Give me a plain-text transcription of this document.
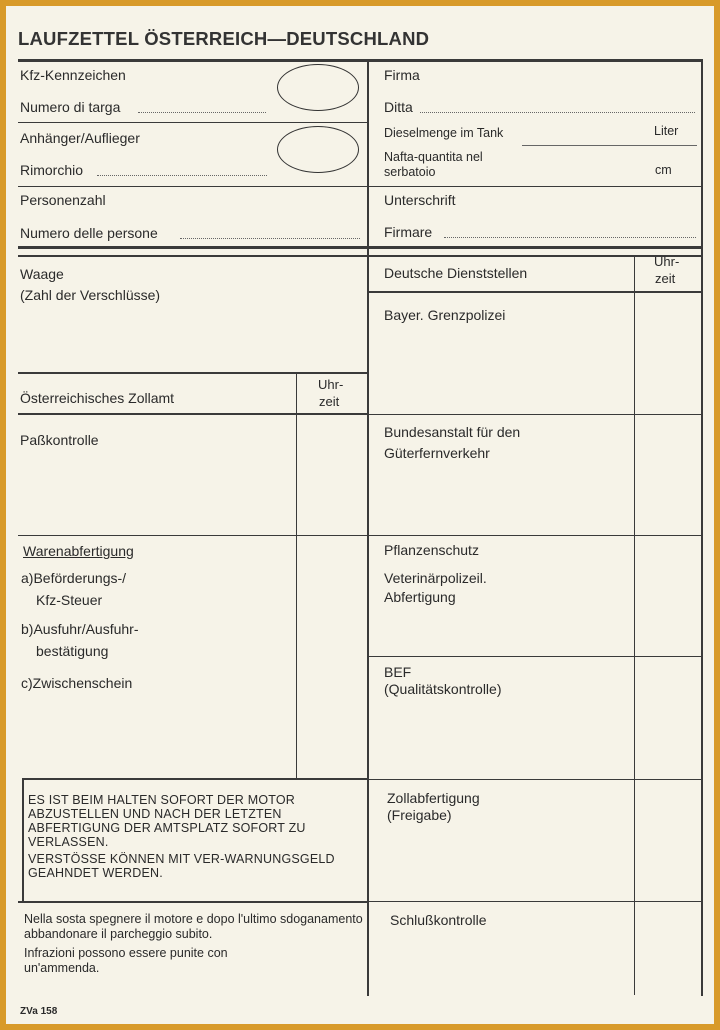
LAUFZETTEL ÖSTERREICH—DEUTSCHLAND
Kfz-Kennzeichen
Numero di targa
Anhänger/Auflieger
Rimorchio
Personenzahl
Numero delle persone
Firma
Ditta
Dieselmenge im Tank	Liter
Nafta-quantita nel
serbatoio	cm
Unterschrift
Firmare
Waage
(Zahl der Verschlüsse)
Österreichisches Zollamt
Uhr-
zeit
Paßkontrolle
Warenabfertigung
a)Beförderungs-/
Kfz-Steuer
b)Ausfuhr/Ausfuhr-
bestätigung
c)Zwischenschein
Deutsche Dienststellen
Uhr-
zeit
Bayer. Grenzpolizei
Bundesanstalt für den
Güterfernverkehr
Pflanzenschutz
Veterinärpolizeil.
Abfertigung
BEF
(Qualitätskontrolle)
Zollabfertigung
(Freigabe)
Schlußkontrolle
ES IST BEIM HALTEN SOFORT DER MOTOR ABZUSTELLEN UND NACH DER LETZTEN ABFERTIGUNG DER AMTSPLATZ SOFORT ZU VERLASSEN.
VERSTÖSSE KÖNNEN MIT VER-WARNUNGSGELD GEAHNDET WERDEN.
Nella sosta spegnere il motore e dopo l'ultimo sdoganamento abbandonare il parcheggio subito.
Infrazioni possono essere punite con un'ammenda.
ZVa 158
